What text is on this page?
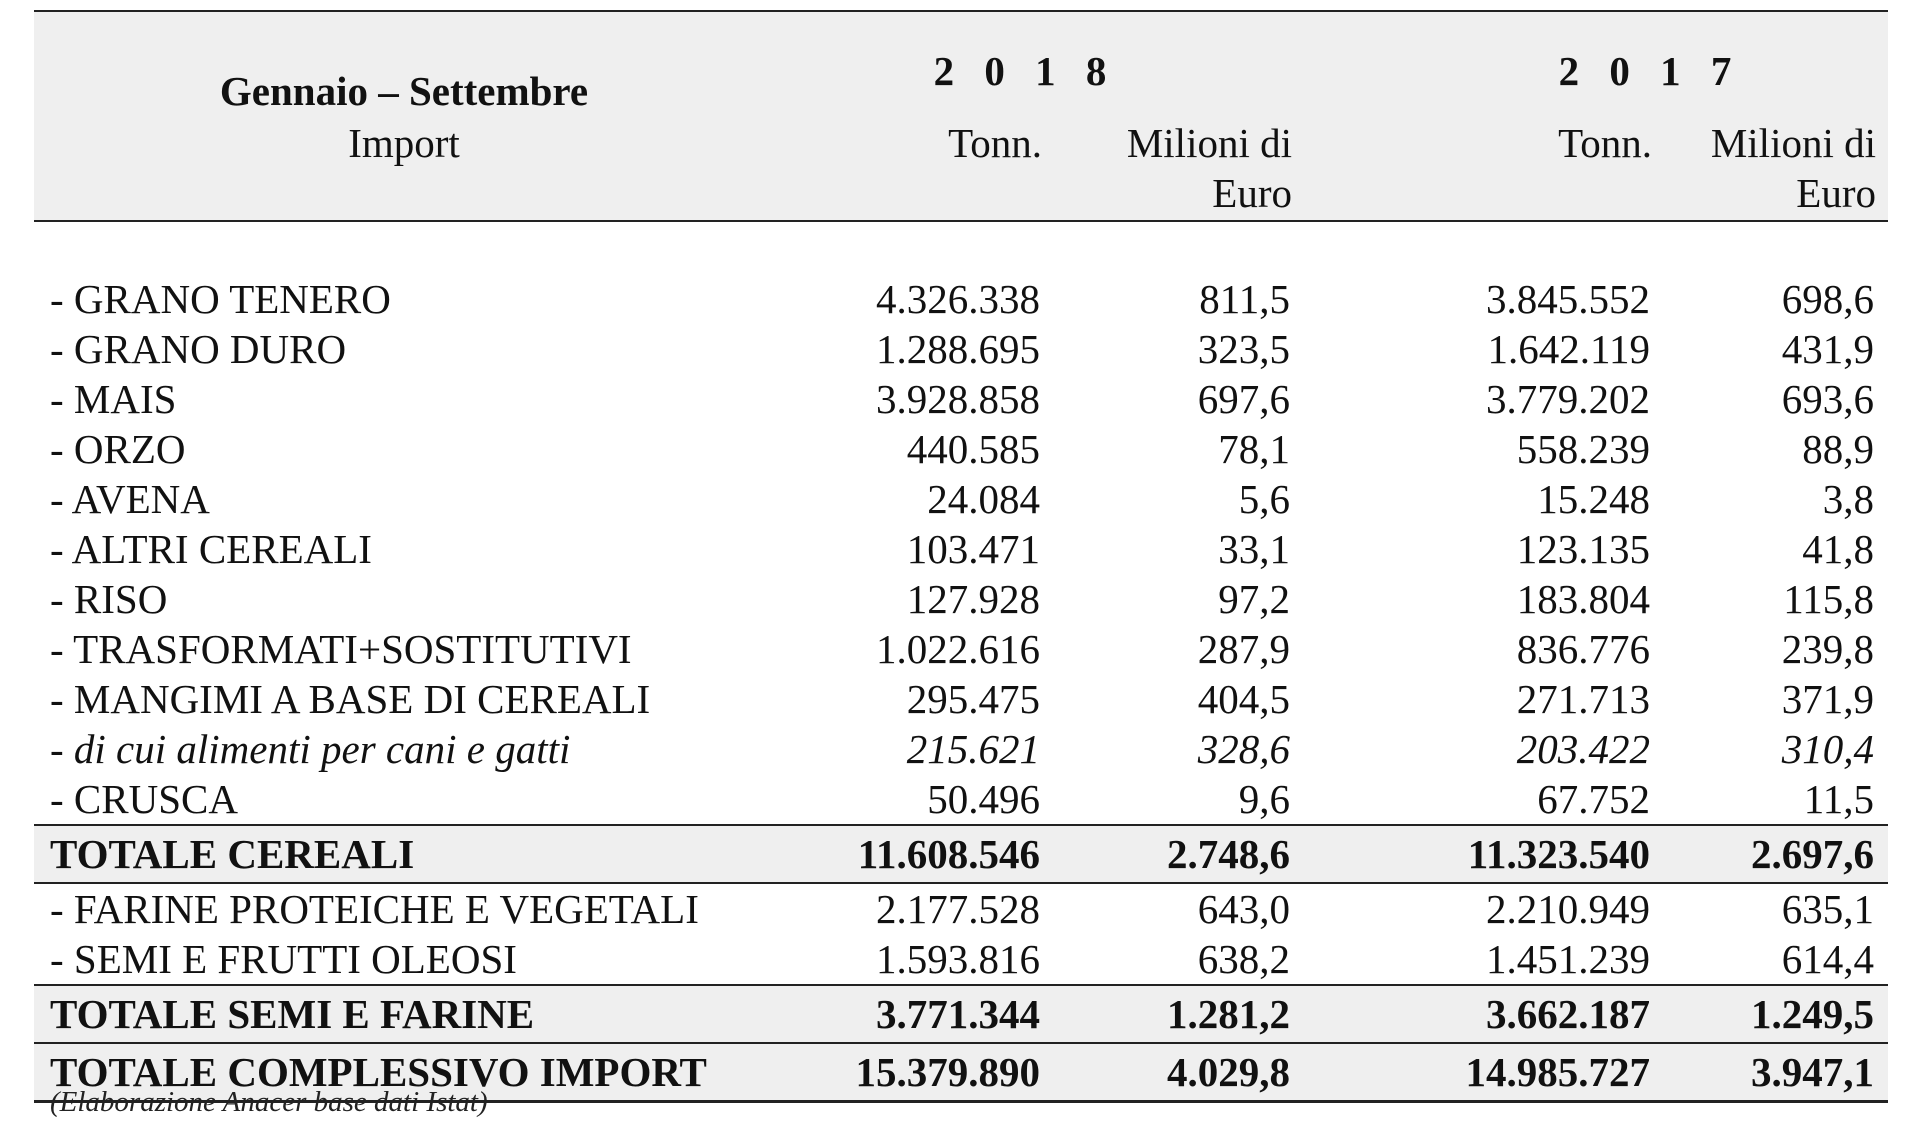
Gennaio – Settembre	2 0 1 8		2 0 1 7	
Import	Tonn.	Milioni di	Tonn.	Milioni di
		Euro		Euro

- GRANO TENERO	4.326.338	811,5	3.845.552	698,6
- GRANO DURO	1.288.695	323,5	1.642.119	431,9
- MAIS	3.928.858	697,6	3.779.202	693,6
- ORZO	440.585	78,1	558.239	88,9
- AVENA	24.084	5,6	15.248	3,8
- ALTRI CEREALI	103.471	33,1	123.135	41,8
- RISO	127.928	97,2	183.804	115,8
- TRASFORMATI+SOSTITUTIVI	1.022.616	287,9	836.776	239,8
- MANGIMI A BASE DI CEREALI	295.475	404,5	271.713	371,9
- di cui alimenti per cani e gatti	215.621	328,6	203.422	310,4
- CRUSCA	50.496	9,6	67.752	11,5
TOTALE CEREALI	11.608.546	2.748,6	11.323.540	2.697,6
- FARINE PROTEICHE E VEGETALI	2.177.528	643,0	2.210.949	635,1
- SEMI E FRUTTI OLEOSI	1.593.816	638,2	1.451.239	614,4
TOTALE SEMI E FARINE	3.771.344	1.281,2	3.662.187	1.249,5
TOTALE COMPLESSIVO IMPORT	15.379.890	4.029,8	14.985.727	3.947,1
(Elaborazione Anacer base dati Istat)
